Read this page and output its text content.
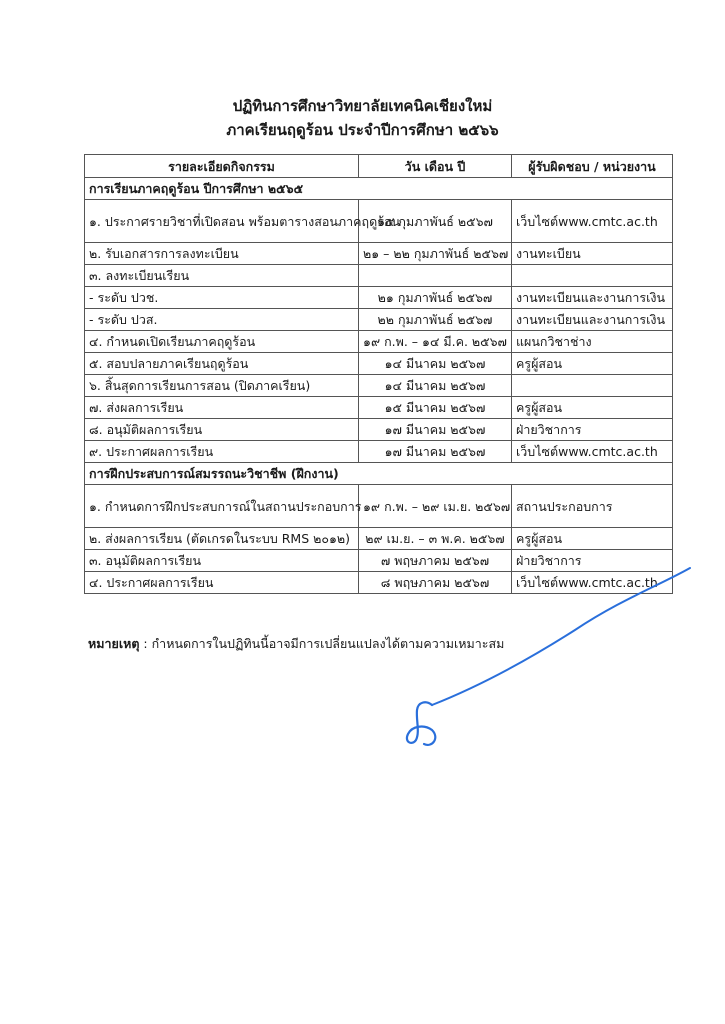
ปฏิทินการศึกษาวิทยาลัยเทคนิคเชียงใหม่
ภาคเรียนฤดูร้อน ประจำปีการศึกษา ๒๕๖๖
รายละเอียดกิจกรรม	วัน เดือน ปี	ผู้รับผิดชอบ / หน่วยงาน
การเรียนภาคฤดูร้อน ปีการศึกษา ๒๕๖๕		
๑. ประกาศรายวิชาที่เปิดสอน พร้อมตารางสอนภาคฤดูร้อน	๑๕ กุมภาพันธ์ ๒๕๖๗	เว็บไซต์www.cmtc.ac.th
๒. รับเอกสารการลงทะเบียน	๒๑ – ๒๒ กุมภาพันธ์ ๒๕๖๗	งานทะเบียน
๓. ลงทะเบียนเรียน		
- ระดับ ปวช.	๒๑ กุมภาพันธ์ ๒๕๖๗	งานทะเบียนและงานการเงิน
- ระดับ ปวส.	๒๒ กุมภาพันธ์ ๒๕๖๗	งานทะเบียนและงานการเงิน
๔. กำหนดเปิดเรียนภาคฤดูร้อน	๑๙ ก.พ. – ๑๔ มี.ค. ๒๕๖๗	แผนกวิชาช่าง
๕. สอบปลายภาคเรียนฤดูร้อน	๑๔ มีนาคม ๒๕๖๗	ครูผู้สอน
๖. สิ้นสุดการเรียนการสอน (ปิดภาคเรียน)	๑๔ มีนาคม ๒๕๖๗	
๗. ส่งผลการเรียน	๑๕ มีนาคม ๒๕๖๗	ครูผู้สอน
๘. อนุมัติผลการเรียน	๑๗ มีนาคม ๒๕๖๗	ฝ่ายวิชาการ
๙. ประกาศผลการเรียน	๑๗ มีนาคม ๒๕๖๗	เว็บไซต์www.cmtc.ac.th
การฝึกประสบการณ์สมรรถนะวิชาชีพ (ฝึกงาน)		
๑. กำหนดการฝึกประสบการณ์ในสถานประกอบการ	๑๙ ก.พ. – ๒๙ เม.ย. ๒๕๖๗	สถานประกอบการ
๒. ส่งผลการเรียน (ตัดเกรดในระบบ RMS ๒๐๑๒)	๒๙ เม.ย. – ๓ พ.ค. ๒๕๖๗	ครูผู้สอน
๓. อนุมัติผลการเรียน	๗ พฤษภาคม ๒๕๖๗	ฝ่ายวิชาการ
๔. ประกาศผลการเรียน	๘ พฤษภาคม ๒๕๖๗	เว็บไซต์www.cmtc.ac.th
หมายเหตุ : กำหนดการในปฏิทินนี้อาจมีการเปลี่ยนแปลงได้ตามความเหมาะสม
